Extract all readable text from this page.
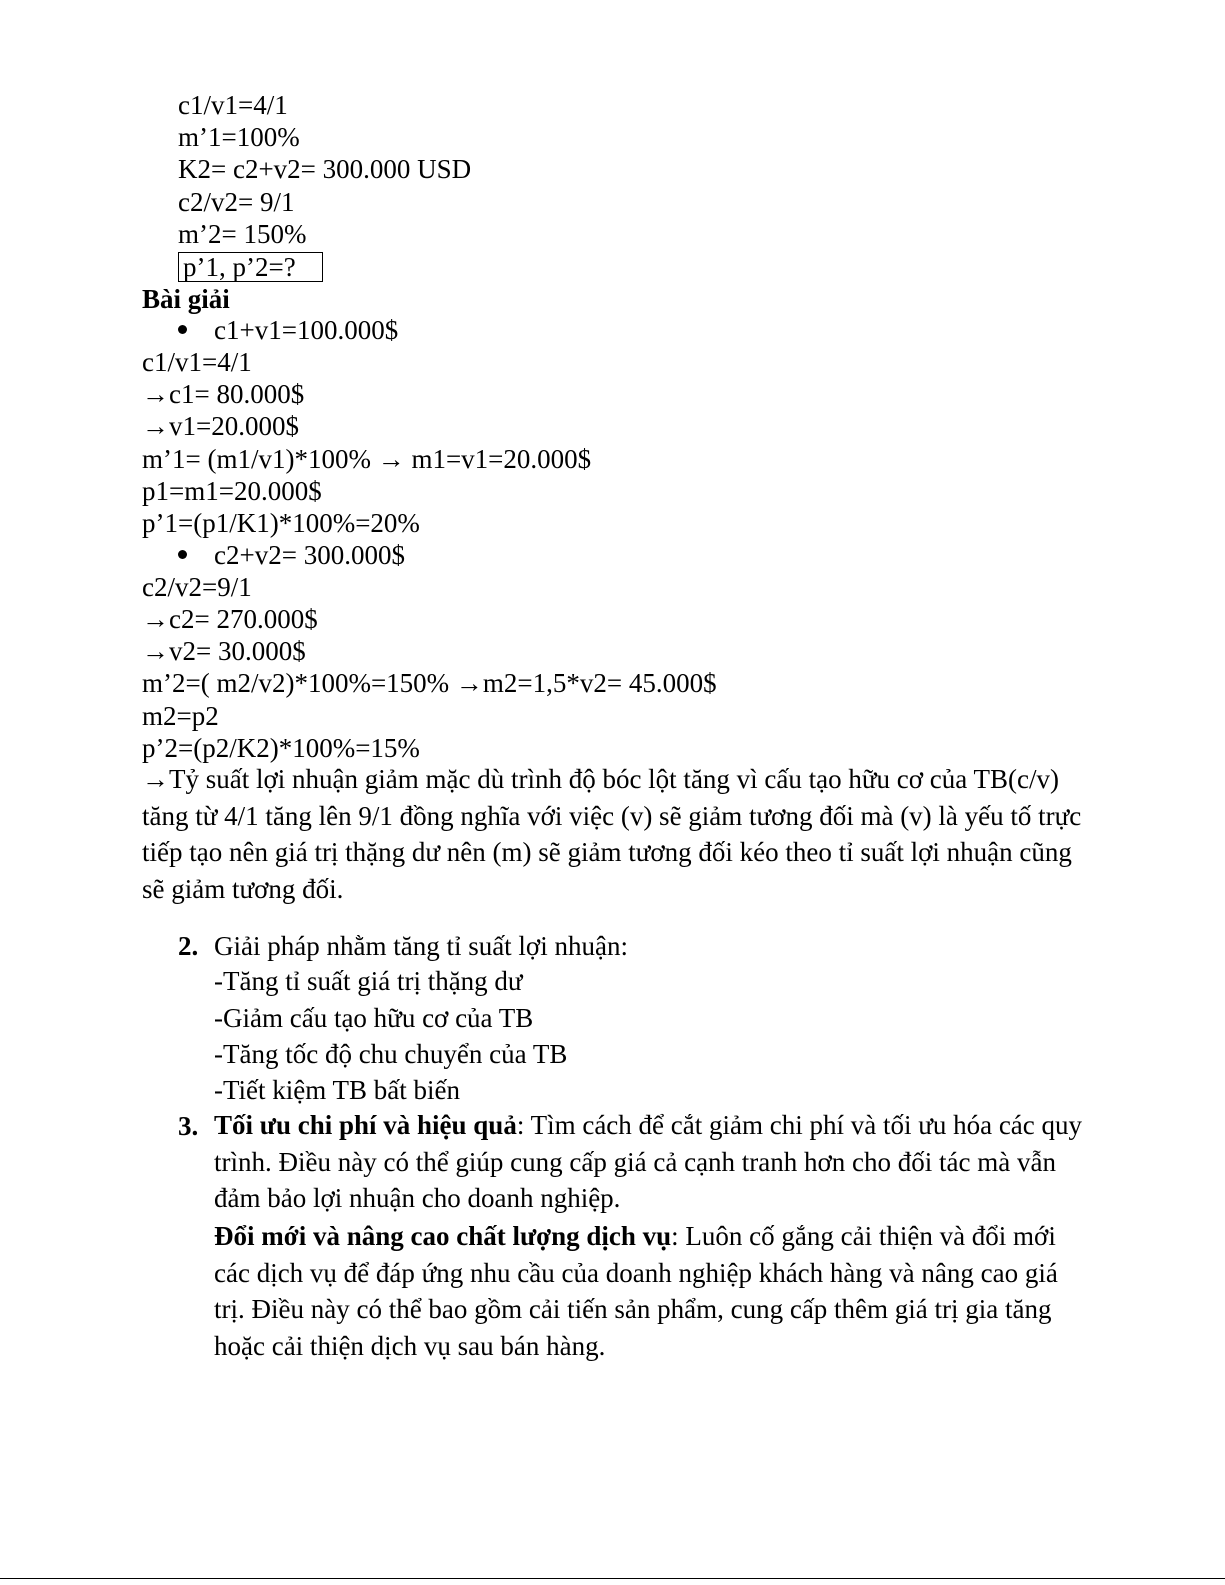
c1/v1=4/1
m’1=100%
K2= c2+v2= 300.000 USD
c2/v2= 9/1
m’2= 150%
p’1, p’2=?
Bài giải
c1+v1=100.000$
c1/v1=4/1
→c1= 80.000$
→v1=20.000$
m’1= (m1/v1)*100% → m1=v1=20.000$
p1=m1=20.000$
p’1=(p1/K1)*100%=20%
c2+v2= 300.000$
c2/v2=9/1
→c2= 270.000$
→v2= 30.000$
m’2=( m2/v2)*100%=150% →m2=1,5*v2= 45.000$
m2=p2
p’2=(p2/K2)*100%=15%
→Tỷ suất lợi nhuận giảm mặc dù trình độ bóc lột tăng vì cấu tạo hữu cơ của TB(c/v) tăng từ 4/1 tăng lên 9/1 đồng nghĩa với việc (v) sẽ giảm tương đối mà (v) là yếu tố trực tiếp tạo nên giá trị thặng dư nên (m) sẽ giảm tương đối kéo theo tỉ suất lợi nhuận cũng sẽ giảm tương đối.
2. Giải pháp nhằm tăng tỉ suất lợi nhuận:
-Tăng tỉ suất giá trị thặng dư
-Giảm cấu tạo hữu cơ của TB
-Tăng tốc độ chu chuyển của TB
-Tiết kiệm TB bất biến
3. Tối ưu chi phí và hiệu quả: Tìm cách để cắt giảm chi phí và tối ưu hóa các quy trình. Điều này có thể giúp cung cấp giá cả cạnh tranh hơn cho đối tác mà vẫn đảm bảo lợi nhuận cho doanh nghiệp.
Đổi mới và nâng cao chất lượng dịch vụ: Luôn cố gắng cải thiện và đổi mới các dịch vụ để đáp ứng nhu cầu của doanh nghiệp khách hàng và nâng cao giá trị. Điều này có thể bao gồm cải tiến sản phẩm, cung cấp thêm giá trị gia tăng hoặc cải thiện dịch vụ sau bán hàng.
